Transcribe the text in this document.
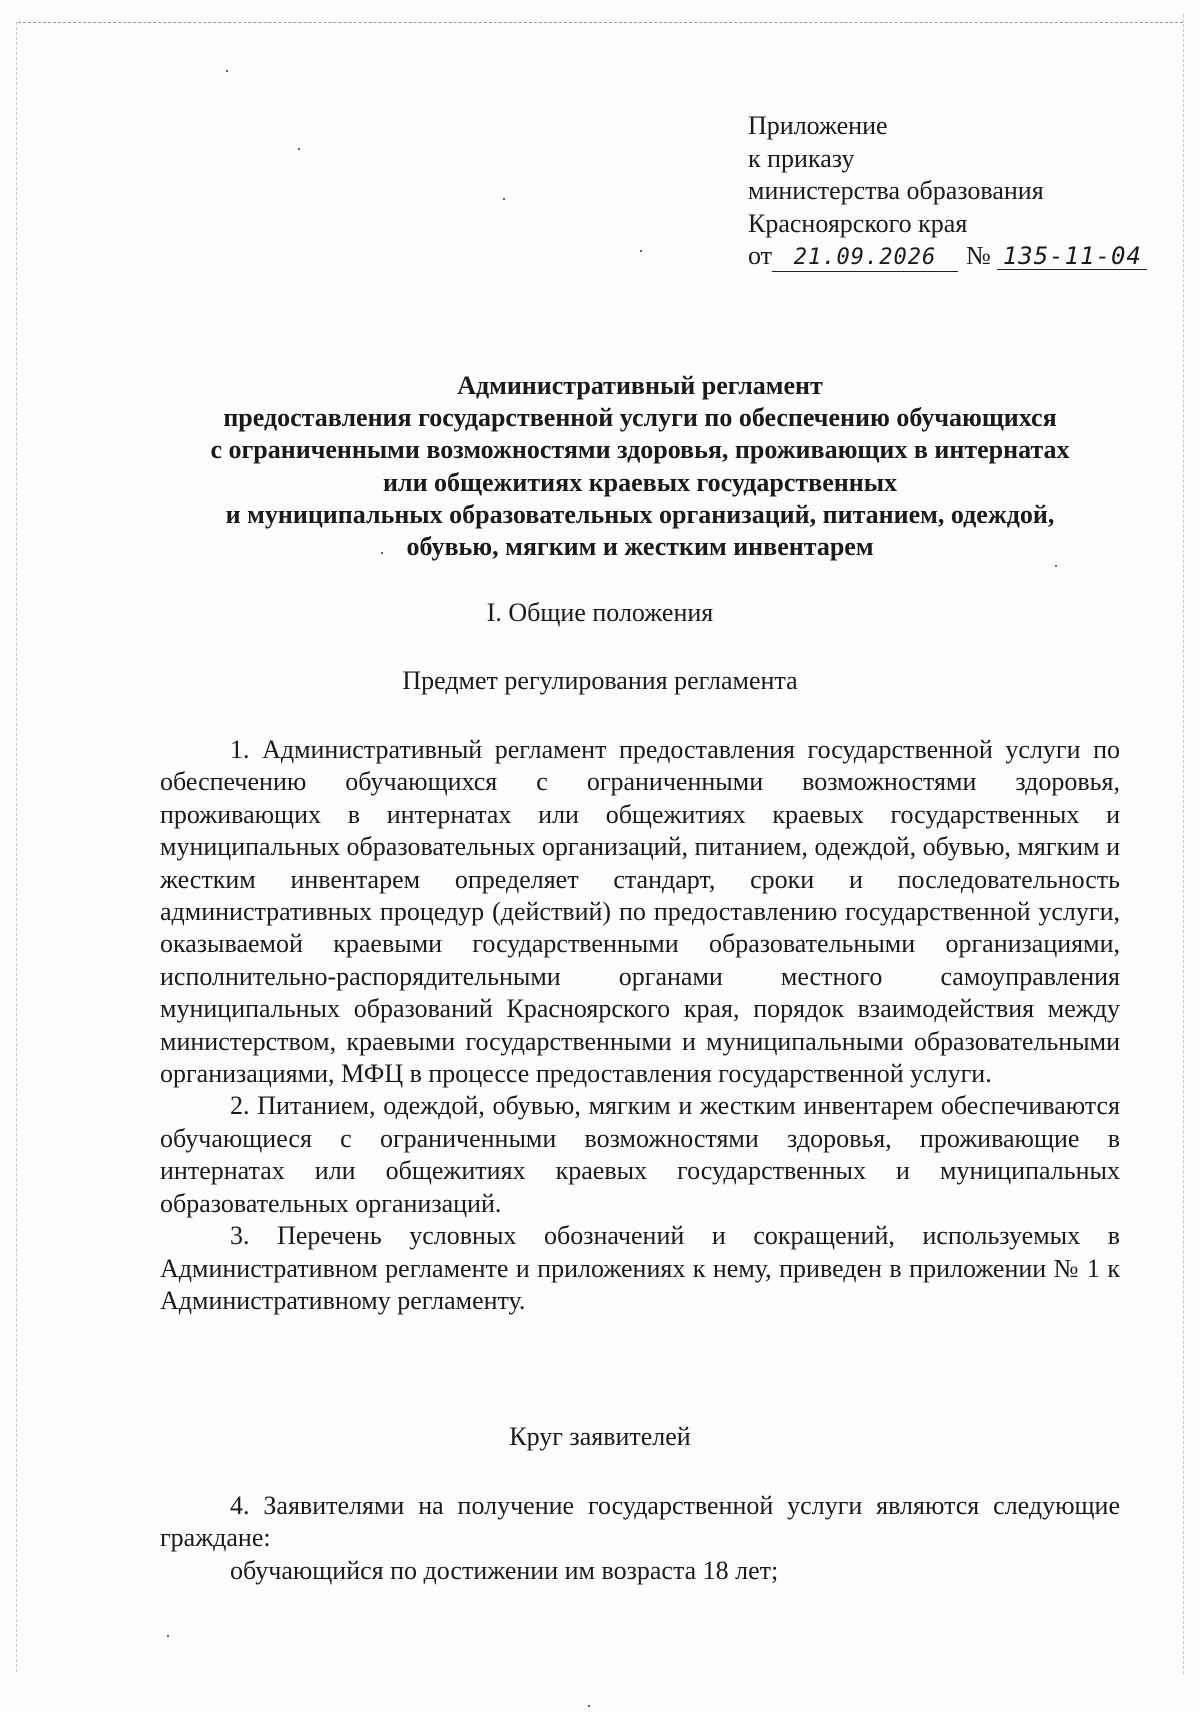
Приложение
к приказу
министерства образования
Красноярского края
от 21.09.2026 № 135-11-04
Административный регламент
предоставления государственной услуги по обеспечению обучающихся
с ограниченными возможностями здоровья, проживающих в интернатах
или общежитиях краевых государственных
и муниципальных образовательных организаций, питанием, одеждой,
обувью, мягким и жестким инвентарем
I. Общие положения
Предмет регулирования регламента

1. Административный регламент предоставления государственной услуги по обеспечению обучающихся с ограниченными возможностями здоровья, проживающих в интернатах или общежитиях краевых государственных и муниципальных образовательных организаций, питанием, одеждой, обувью, мягким и жестким инвентарем определяет стандарт, сроки и последовательность административных процедур (действий) по предоставлению государственной услуги, оказываемой краевыми государственными образовательными организациями, исполнительно-распорядительными органами местного самоуправления муниципальных образований Красноярского края, порядок взаимодействия между министерством, краевыми государственными и муниципальными образовательными организациями, МФЦ в процессе предоставления государственной услуги.

2. Питанием, одеждой, обувью, мягким и жестким инвентарем обеспечиваются обучающиеся с ограниченными возможностями здоровья, проживающие в интернатах или общежитиях краевых государственных и муниципальных образовательных организаций.

3. Перечень условных обозначений и сокращений, используемых в Административном регламенте и приложениях к нему, приведен в приложении № 1 к Административному регламенту.

Круг заявителей

4. Заявителями на получение государственной услуги являются следующие граждане:

обучающийся по достижении им возраста 18 лет;
